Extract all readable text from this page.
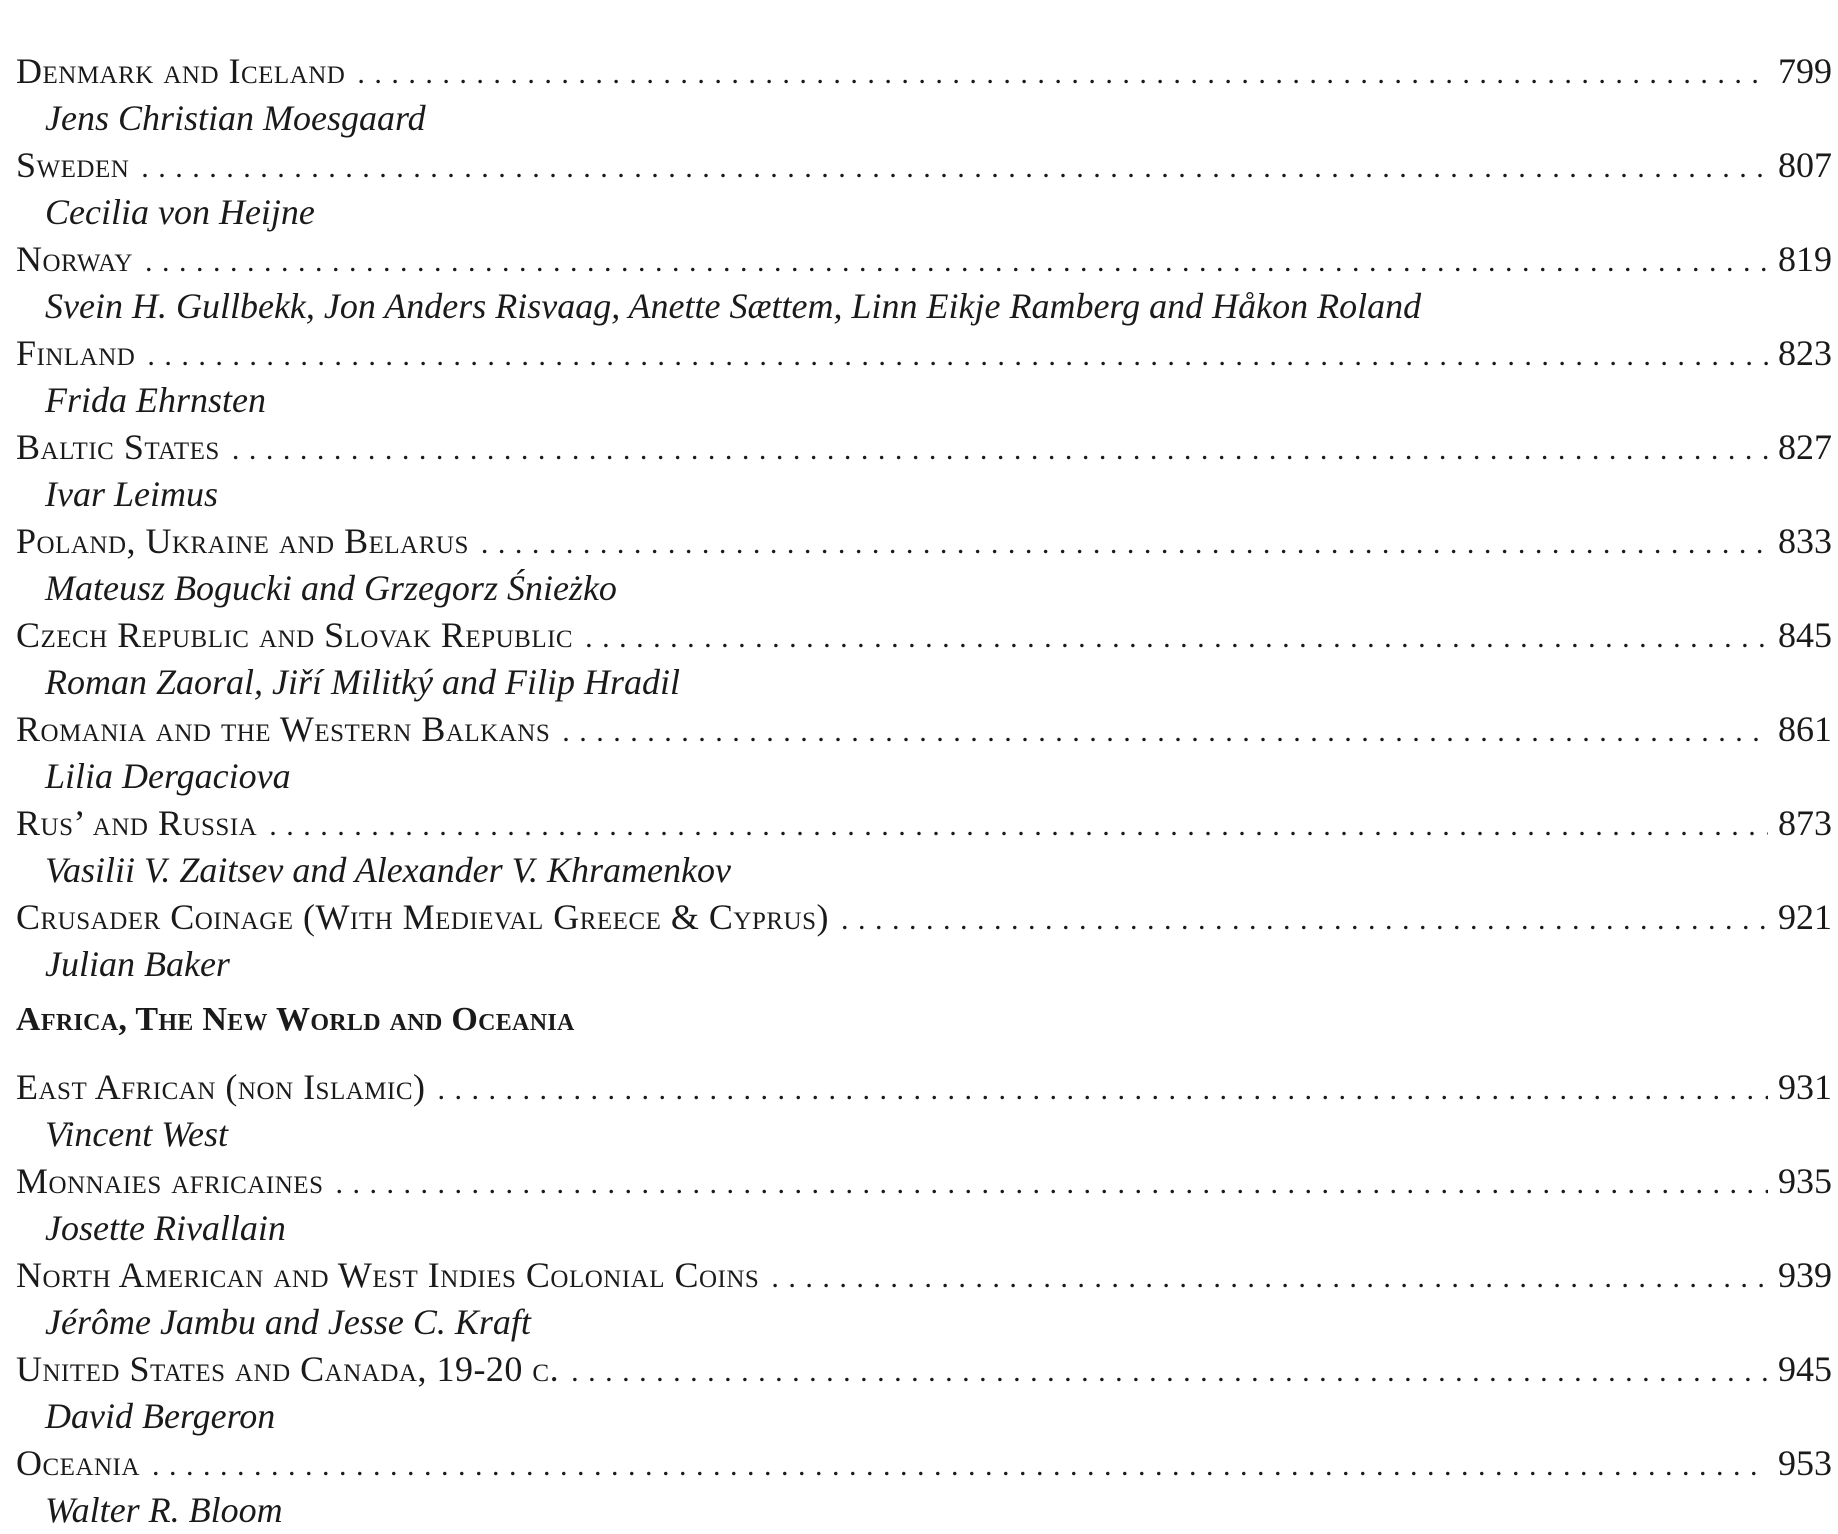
Denmark and Iceland . . .	799
Jens Christian Moesgaard
Sweden . . .	807
Cecilia von Heijne
Norway . . .	819
Svein H. Gullbekk, Jon Anders Risvaag, Anette Sættem, Linn Eikje Ramberg and Håkon Roland
Finland . . .	823
Frida Ehrnsten
Baltic States . . .	827
Ivar Leimus
Poland, Ukraine and Belarus . . .	833
Mateusz Bogucki and Grzegorz Śnieżko
Czech Republic and Slovak Republic . . .	845
Roman Zaoral, Jiří Militký and Filip Hradil
Romania and the Western Balkans . . .	861
Lilia Dergaciova
Rus’ and Russia . . .	873
Vasilii V. Zaitsev and Alexander V. Khramenkov
Crusader Coinage (With Medieval Greece & Cyprus) . . .	921
Julian Baker
Africa, The New World and Oceania
East African (non Islamic) . . .	931
Vincent West
Monnaies africaines . . .	935
Josette Rivallain
North American and West Indies Colonial Coins . . .	939
Jérôme Jambu and Jesse C. Kraft
United States and Canada, 19-20 c. . . .	945
David Bergeron
Oceania . . .	953
Walter R. Bloom
